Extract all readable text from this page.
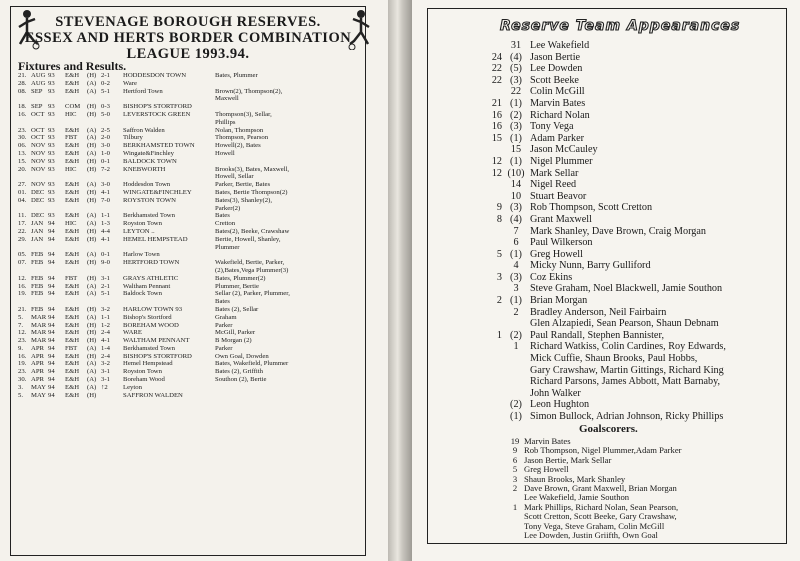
STEVENAGE BOROUGH RESERVES.
ESSEX AND HERTS BORDER COMBINATION
LEAGUE 1993.94.
Fixtures and Results.
21. AUG 93	E&H	(H) 2-1	HODDESDON TOWN	Bates, Plummer
28. AUG 93	E&H	(A) 0-2	Ware
08. SEP 93	E&H	(A) 5-1	Hertford Town	Brown(2), Thompson(2), Maxwell
18. SEP 93	COM	(H) 0-3	BISHOP'S STORTFORD
16. OCT 93	HIC	(H) 5-0	LEVERSTOCK GREEN	Thompson(3), Sellar, Phillips
23. OCT 93	E&H	(A) 2-5	Saffron Walden	Nolan, Thompson
30. OCT 93	FBT	(A) 2-0	Tilbury	Thompson, Pearson
06. NOV 93	E&H	(H) 3-0	BERKHAMSTED TOWN	Howell(2), Bates
13. NOV 93	E&H	(A) 1-0	Wingate&Finchley	Howell
15. NOV 93	E&H	(H) 0-1	BALDOCK TOWN
20. NOV 93	HIC	(H) 7-2	KNEBWORTH	Brooks(3), Bates, Maxwell, Howell, Sellar
27. NOV 93	E&H	(A) 3-0	Hoddesdon Town	Parker, Bertie, Bates
01. DEC 93	E&H	(H) 4-1	WINGATE&FINCHLEY	Bates, Bertie Thompson(2)
04. DEC 93	E&H	(H) 7-0	ROYSTON TOWN	Bates(3), Shanley(2), Parker(2)
11. DEC 93	E&H	(A) 1-1	Berkhamsted Town	Bates
17. JAN 94	HIC	(A) 1-3	Royston Town	Cretton
22. JAN 94	E&H	(H) 4-4	LEYTON ..	Bates(2), Beeke, Crawshaw
29. JAN 94	E&H	(H) 4-1	HEMEL HEMPSTEAD	Bertie, Howell, Shanley, Plummer
05. FEB 94	E&H	(A) 0-1	Harlow Town
07. FEB 94	E&H	(H) 9-0	HERTFORD TOWN	Wakefield, Bertie, Parker,(2),Bates,Vega Plummer(3)
12. FEB 94	FBT	(H) 3-1	GRAYS ATHLETIC	Bates, Plummer(2)
16. FEB 94	E&H	(A) 2-1	Waltham Pennant	Plummer, Bertie
19. FEB 94	E&H	(A) 5-1	Baldock Town	Sellar (2), Parker, Plummer, Bates
21. FEB 94	E&H	(H) 3-2	HARLOW TOWN 93	Bates (2), Sellar
5.	MAR 94	E&H	(A) 1-1	Bishop's Stortford	Graham
7.	MAR 94	E&H	(H) 1-2	BOREHAM WOOD	Parker
12. MAR 94	E&H	(H) 2-4	WARE	McGill, Parker
23. MAR 94	E&H	(H) 4-1	WALTHAM PENNANT	B Morgan (2)
9.	APR 94	FBT	(A) 1-4	Berkhamsted Town	Parker
16. APR 94	E&H	(H) 2-4	BISHOP'S STORTFORD	Own Goal, Dowden
19. APR 94	E&H	(A) 3-2	Hemel Hempstead	Bates, Wakefield, Plummer
23. APR 94	E&H	(A) 3-1	Royston Town	Bates (2), Griffith
30. APR 94	E&H	(A) 3-1	Boreham Wood	Southon (2), Bertie
3.	MAY 94	E&H	(A) ↑2	Leyton
5.	MAY 94	E&H	(H)	SAFFRON WALDEN
Reserve Team Appearances
31 Lee Wakefield
24 (4) Jason Bertie
22 (5) Lee Dowden
22 (3) Scott Beeke
22 Colin McGill
21 (1) Marvin Bates
16 (2) Richard Nolan
16 (3) Tony Vega
15 (1) Adam Parker
15 Jason McCauley
12 (1) Nigel Plummer
12 (10) Mark Sellar
14 Nigel Reed
10 Stuart Beavor
9 (3) Rob Thompson, Scott Cretton
8 (4) Grant Maxwell
7	Mark Shanley, Dave Brown, Craig Morgan
6	Paul Wilkerson
5 (1) Greg Howell
4	Micky Nunn, Barry Gulliford
3 (3) Coz Ekins
3	Steve Graham, Noel Blackwell, Jamie Southon
2 (1) Brian Morgan
2	Bradley Anderson, Neil Fairbairn
Glen Alzapiedi, Sean Pearson, Shaun Debnam
1 (2) Paul Randall, Stephen Bannister,
1	Richard Watkiss, Colin Cardines, Roy Edwards,
Mick Cuffie, Shaun Brooks, Paul Hobbs,
Gary Crawshaw, Martin Gittings, Richard King
Richard Parsons, James Abbott, Matt Barnaby,
John Walker
(2) Leon Hughton
(1) Simon Bullock, Adrian Johnson, Ricky Phillips
Goalscorers.
19 Marvin Bates
9 Rob Thompson, Nigel Plummer,Adam Parker
6 Jason Bertie, Mark Sellar
5 Greg Howell
3 Shaun Brooks, Mark Shanley
2 Dave Brown, Grant Maxwell, Brian Morgan
Lee Wakefield, Jamie Southon
1 Mark Phillips, Richard Nolan, Sean Pearson,
Scott Cretton, Scott Beeke, Gary Crawshaw,
Tony Vega, Steve Graham, Colin McGill
Lee Dowden, Justin Griifth, Own Goal
